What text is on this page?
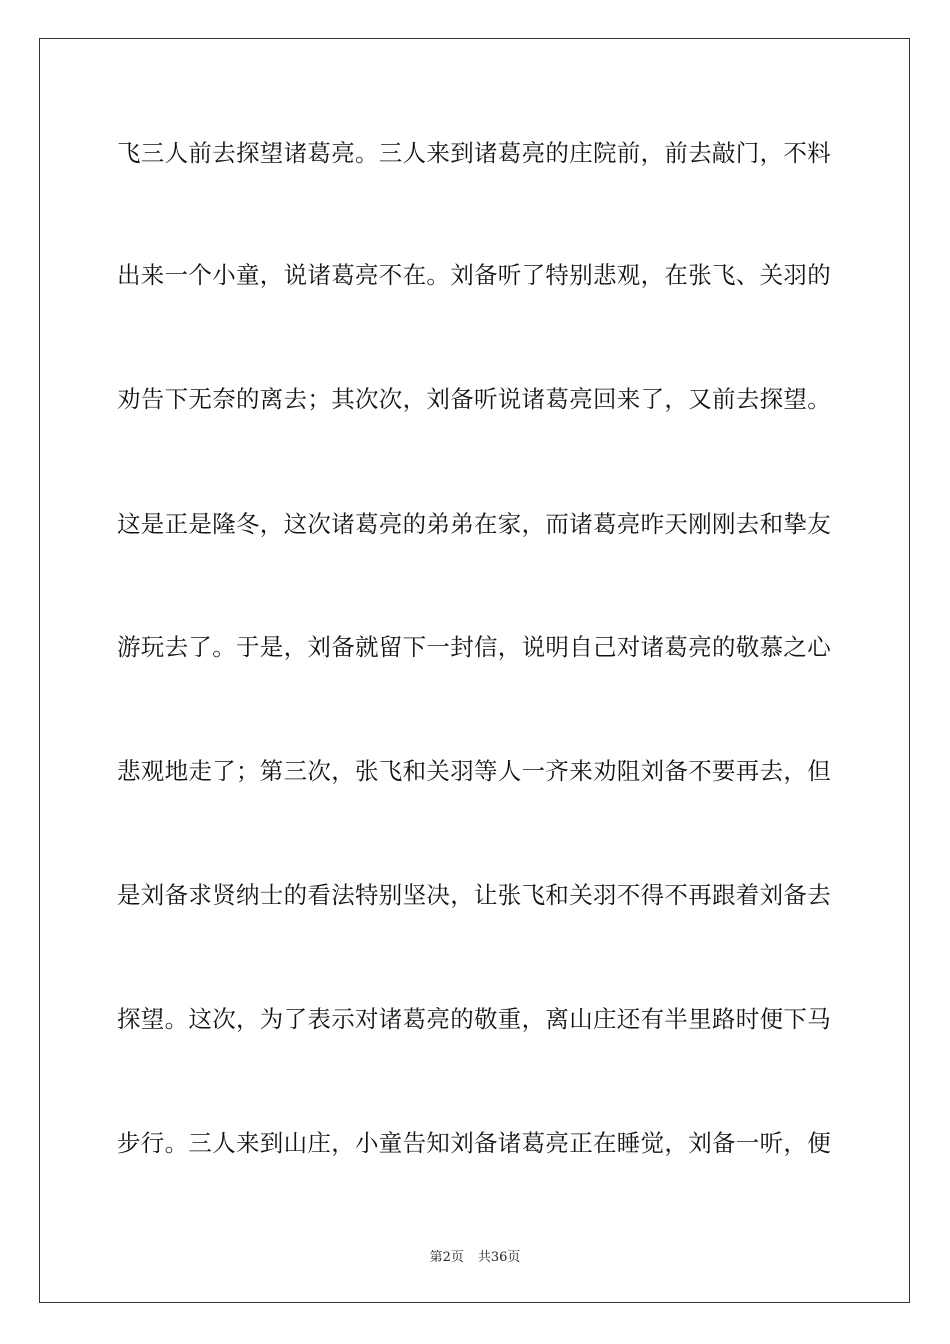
飞三人前去探望诸葛亮。三人来到诸葛亮的庄院前，前去敲门，不料
出来一个小童，说诸葛亮不在。刘备听了特别悲观，在张飞、关羽的
劝告下无奈的离去；其次次，刘备听说诸葛亮回来了，又前去探望。
这是正是隆冬，这次诸葛亮的弟弟在家，而诸葛亮昨天刚刚去和挚友
游玩去了。于是，刘备就留下一封信，说明自己对诸葛亮的敬慕之心
悲观地走了；第三次，张飞和关羽等人一齐来劝阻刘备不要再去，但
是刘备求贤纳士的看法特别坚决，让张飞和关羽不得不再跟着刘备去
探望。这次，为了表示对诸葛亮的敬重，离山庄还有半里路时便下马
步行。三人来到山庄，小童告知刘备诸葛亮正在睡觉，刘备一听，便
第2页 共36页
